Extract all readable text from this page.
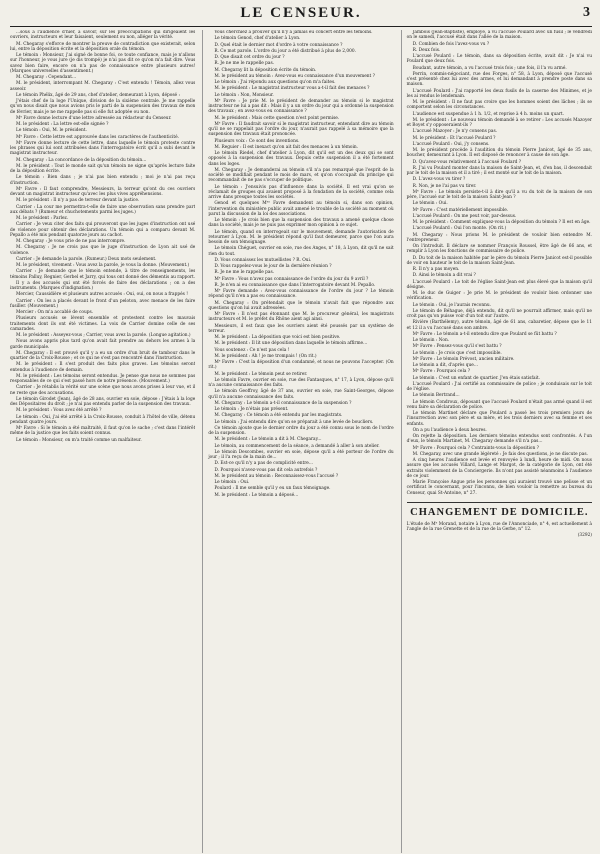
LE CENSEUR.	3

...sous à l'audience d'hier, à savoir, sur les préoccupations qui dirigeaient les ouvriers, instructeurs et leur faisaient, seulement ou non, alléger la vérité.

M. Chegaray s'efforce de montrer la preuve de contradiction que existerait, selon lui, entre la déposition écrite et la déposition orale du témoin.

Le témoin : Monsieur, j'ai signé de bonne foi, ce toute confiance, mais je n'allons sur l'honneur, je vous jure (je dis trompé) je n'ai pas dit ce qu'on m'a fait dire. Vous savez bien faire, encore on n'a pas de connaissance entre plusieurs autres! (Marques universelles d'assentiment.)

M. Chegaray : Cependant...

M. le président, interrompant M. Chegaray : C'est entendu ! Témoin, allez vous asseoir.

Le témoin Phélix, âgé de 29 ans, chef d'atelier, demeurant à Lyon, déposé :

J'étais chef de la loge l'Unique, division de la sixième centrale. Je me rappelle qu'on nous disait que nous avions pris le parti de la suspension des travaux de mon de février, mais je ne me rappelle pas si elle fut adoptée ou non.

Mᵉ Favre donne lecture d'une lettre adressée au rédacteur du Censeur.

M. le président : La lettre est-elle signée ?

Le témoin : Oui, M. le président.

Mᵉ Favre : Cette lettre est approuvée dans les caractères de l'authenticité.

Mᵉ Favre donne lecture de cette lettre, dans laquelle le témoin proteste contre les phrases qui lui sont attribuées dans l'interrogatoire écrit qu'il a subi devant le magistrat instructeur.

M. Chegaray : La concordance de la déposition du témoin...

M. le président : Tout le monde sait qu'un témoin ne signe qu'après lecture faite de la déposition écrite.

Le témoin : Bien dans ; je n'ai pas bien entendu ; moi je n'ai pas reçu d'instruction.

Mᵉ Favre : Il faut comprendre, Messieurs, la terreur qu'ont du ces ouvriers devant un magistrat instructeur qu'avec les plus vives appréhensions.

M. le président : Il n'y a pas de terreur devant la justice.

Carrier : La cour me permettra-t-elle de faire une observation sans prendre part aux débats ? (Rumeur et chuchotements parmi les juges.)

M. le président : Parlez.

Carrier : Je veux citer des faits qui prouveront que les juges d'instruction ont usé de violence pour obtenir des déclarations. Un témoin qui a comparu devant M. Pepallo a été mis pendant quatorze jours au cachot.

M. Chegaray : Je vous prie de ne pas interrompre.

M. Chegaray : Je ne crois pas que le juge d'instruction de Lyon ait usé de violence.

Carrier : Je demande la parole. (Rumeur.) Deux mots seulement.

M. le président, vivement : Vous avez la parole, je vous la donne. (Mouvement.)

Carrier : Je demande que le témoin entende, à titre de renseignements, les témoins Palluy, Regnier, Gerbel et Jarry, qui tous ont donné des démentis au rapport.

Il y a des accusés qui ont été forcés de faire des déclarations ; on a des instruments. (Marques d'indignation.)

Mercier, Caussidière et plusieurs autres accusés : Oui, oui, on nous a frappés !

Carrier : On les a placés devant le front d'un peloton, avec menace de les faire fusiller. (Mouvement.)

Mercier : On m'a accablé de coups.

Plusieurs accusés se lèvent ensemble et protestent contre les mauvais traitements dont ils ont été victimes. La voix de Carrier domine celle de ses camarades.

M. le président : Asseyez-vous ; Carrier, vous avez la parole. (Longue agitation.)

Nous avons appris plus tard qu'on avait fait prendre au dehors les armes à la garde municipale.

M. Chegaray : Il est prouvé qu'il y a eu un ordre d'un bruit de tambour dans le quartier de la Croix-Rousse ; et ce qui ne s'est pas rencontré dans l'instruction.

M. le président : Il s'est produit des faits plus graves. Les témoins seront entendus à l'audience de demain.

M. le président : Les témoins seront entendus. Je pense que nous ne sommes pas responsables de ce qui s'est passé hors de notre présence. (Mouvement.)

Carrier : Je rétablis la vérité sur une scène que nous avons prises à leur vue, et il ne reste que des accusations.

Le témoin Girodet (Jean), âgé de 28 ans, ouvrier en soie, dépose : J'étais à la loge des Dépositaires du droit ; je n'ai pas entendu parler de la suspension des travaux.

M. le président : Vous avez été arrêté ?

Le témoin : Oui, j'ai été arrêté à la Croix-Rousse, conduit à l'hôtel de ville, détenu pendant quatre jours.

Mᵉ Favre : Si le témoin a été maltraité, il faut qu'on le sache ; c'est dans l'intérêt même de la justice que les faits soient connus.

Le témoin : Monsieur, on m'a traité comme un malfaiteur.

Vous cherchiez à prouver qu'il n'y a jamais eu concert entre les témoins.

Le témoin Genod, chef d'atelier à Lyon.

D. Quel était le dernier mot d'ordre à votre connaissance ?

R. Ce mot parole. L'ordre du jour a été distribué à plus de 2,000.

D. Que disait cet ordre du jour ?

R. Je ne me le rappelle pas.

M. Chegaray lit la déposition écrite du témoin.

M. le président au témoin : Avez-vous eu connaissance d'un mouvement ?

Le témoin : J'ai répondu aux questions qu'on m'a faites.

M. le président : Le magistrat instructeur vous a-t-il fait des menaces ?

Le témoin : Non, Monsieur.

Mᵉ Favre : Je prie M. le président de demander au témoin si le magistrat instructeur ne lui a pas dit : Mais il y a un ordre du jour qui a ordonné la suspension des travaux ; en avez-vous eu connaissance ?

M. le président : Mais cette question n'est point permise.

Mᵉ Favre : Il faudrait savoir si le magistrat instructeur, entendant dire au témoin qu'il ne se rappelait pas l'ordre du jour, n'aurait pas rappelé à sa mémoire que la suspension des travaux était prononcée.

Plusieurs voix : Ce sont des inventions.

M. Reguier : Il est inexact qu'on ait fait des menaces à un témoin.

Le témoin Riedel, chef d'atelier à Lyon, dit qu'il est un des deux qui se sont opposés à la suspension des travaux. Depuis cette suspension il a été fortement dans les loges.

M. Chegaray : Je demanderai au témoin s'il n'a pas remarqué que l'esprit de la société se modifiait pendant le mois de mars, et qu'on s'occupait du principe qui recommandait de ne pas s'occuper de politique.

Le témoin : J'ensuivis pas d'influence dans la société. Il est vrai qu'on se réclamait de groupes qui avaient proposé à la fondation de la société, comme cela arrive dans presque toutes les sociétés.

Genod et quelques Mᵉˢ Favre demandent au témoin si, dans son opinion, l'intervention du ministère public avait amené le trouble de la société au moment où parut la discussion de la loi des associations.

Le témoin : Je crois bien que la suspension des travaux a amené quelque chose dans la société, mais je ne puis pas exprimer mon opinion à ce sujet.

Le témoin, quand on interrogeait sur le mouvement, demande l'autorisation de retourner à Lyon. M. le président répond qu'il faut demeurer, parce que l'on aura besoin de son témoignage.

Le témoin Chéguet, ouvrier en soie, rue des Anges, n° 18, à Lyon, dit qu'il ne sait rien du tout.

D. Vous connaissez les mutuellistes ? R. Oui.

D. Vous rappelez-vous le jour de la dernière réunion ?

R. Je ne me le rappelle pas.

Mᵉ Favre : Vous n'avez pas connaissance de l'ordre du jour du 9 avril ?

R. Je n'en ai eu connaissance que dans l'interrogatoire devant M. Pepallo.

Mᵉ Favre demande : Avez-vous connaissance de l'ordre du jour ? Le témoin répond qu'il n'en a pas eu connaissance.

M. Chegaray : On prétendait que le témoin n'avait fait que répondre aux questions qu'on lui avait adressées.

Mᵉ Favre : Il n'est pas étonnant que M. le procureur général, les magistrats instructeurs et M. le préfet du Rhône aient agi ainsi.

Messieurs, il est faux que les ouvriers aient été poussés par un système de terreur.

M. le président : La déposition que voici est bien positive.

M. le président : Il lit une déposition dans laquelle le témoin affirme...

Vous soutenez : Ce n'est pas cela !

M. le président : Ah ! je me trompais ! (On rit.)

Mᵉ Favre : C'est la déposition d'un condamné, et nous ne pouvons l'accepter. (On rit.)

M. le président : Le témoin peut se retirer.

Le témoin Favre, ouvrier en soie, rue des Fantasques, n° 17, à Lyon, dépose qu'il n'a aucune connaissance des faits.

Le témoin Geoffroy, âgé de 37 ans, ouvrier en soie, rue Saint-Georges, dépose qu'il n'a aucune connaissance des faits.

M. Chegaray : Le témoin a-t-il connaissance de la suspension ?

Le témoin : Je n'étais pas présent.

M. Chegaray : Ce témoin a été entendu par les magistrats.

Le témoin : J'ai entendu dire qu'on se préparait à une levée de boucliers.

Ce témoin ajoute que le dernier ordre du jour a été connu sous le nom de l'ordre de la suspension.

M. le président : Le témoin a dit à M. Chegaray...

Le témoin, au commencement de la séance, a demandé à aller à son atelier.

Le témoin Descombes, ouvrier en soie, dépose qu'il a été porteur de l'ordre du jour ; il l'a reçu de la main de...

D. Est-ce qu'il n'y a pas de complicité entre...

D. Pourquoi n'avez-vous pas dit cela autrefois ?

M. le président au témoin : Reconnaissez-vous l'accusé ?

Le témoin : Oui.

Poulard : Il me semble qu'il y eu un faux témoignage.

M. le président : Le témoin a déposé...

Jambois (Jean-Baptiste), employé, a vu l'accusé Poulard avec un fusil ; le vendredi on le samedi, l'accusé était dans l'allée de la maison.

D. Combien de fois l'avez-vous vu ?

R. Deux fois.

L'accusé Poulard : Le témoin, dans sa déposition écrite, avait dit : Je n'ai vu Poulard que deux fois.

Boudant, autre témoin, a vu l'accusé trois fois ; une fois, il l'a vu armé.

Perrin, commis-négociant, rue des Forges, n° 58, à Lyon, déposé que l'accusé s'est présenté chez lui avec des armes, et lui demandant à prendre poste dans sa maison.

L'accusé Poulard : J'ai rapporté les deux fusils de la caserne des Minimes, et je les ai rendus le lendemain.

M. le président : Il ne faut pas croire que les hommes soient des lâches ; ils se comportent selon les circonstances.

L'audience est suspendue à 1 h. 1/2, et reprise à 4 h. moins un quart.

M. le président : Le nouveau témoin demandé à se retirer : Les accusés Mazoyer et Boyet s'y opposeraient-ils ?

L'accusé Mazoyer : Je n'y consens pas.

M. le président : Et l'accusé Poulard ?

L'accusé Poulard : Oui, j'y consens.

M. le président procède à l'audition du témoin Pierre Janicot, âgé de 35 ans, boucher, demeurant à Lyon. Il est disposé de renoncer à cause de son âge.

D. Qu'avez-vous relativement à l'accusé Poulard ?

R. J'ai vu Poulard monter dans la maison de Saint-Jean, et, d'en bas, il descendait par le toit de la maison et il a tiré ; il est monté sur le toit de la maison.

D. L'avez-vous vu tirer ?

R. Non, je ne l'ai pas vu tirer.

Mᵉ Favre : Le témoin persiste-t-il à dire qu'il a vu du toit de la maison de son père, l'accusé sur le toit de la maison Saint-Jean ?

Le témoin : Oui.

Mᵉ Favre : C'est matériellement impossible.

L'accusé Poulard : On me peut voir, par-dessus.

M. le président : Comment expliquez-vous la déposition du témoin ? Il est en âge.

L'accusé Poulard : Oui l'on monte. (On rit.)

M. Chegaray : Nous prions M. le président de vouloir bien entendre M. l'entrepreneur.

On l'introduit. Il déclare se nommer François Roussel, être âgé de 66 ans, et remplir à Lyon les fonctions de commissaire de police.

D. Du toit de la maison habitée par le père du témoin Pierre Janicot est-il possible de voir en hauteur le toit de la maison Saint-Jean.

R. Il n'y a pas moyen.

D. Ainsi le témoin a dit vrai ?

L'accusé Poulard : Le toit de l'église Saint-Jean est plus élevé que la maison qu'il désigne.

M. le duc de Guiger : Je prie M. le président de vouloir bien ordonner une vérification.

Le témoin : Oui, je l'aurais reconnu.

Le témoin de Béhague, déjà entendu, dit qu'il ne pourrait affirmer, mais qu'il ne croit pas qu'on puisse voir d'un toit sur l'autre.

Rivière (Barthélemy), autre témoin, âgé de 61 ans, cabaretier, dépose que le 11 et 12 il a vu l'accusé dans son ambre.

Mᵉ Favre : Le témoin a-t-il entendu dire que Poulard se fût battu ?

Le témoin : Non.

Mᵉ Favre : Pensez-vous qu'il s'est battu ?

Le témoin : Je crois que c'est impossible.

Mᵉ Favre : Le témoin Prévost, ancien militaire.

Le témoin a dit, d'après que...

Mᵉ Favre : Pourquoi cela ?

Le témoin : C'est un enfant de quartier. J'en étais satisfait.

L'accusé Poulard : J'ai certifié au commissaire de police ; je conduisais sur le toit de l'église.

Le témoin Bertrand...

Le témoin Condroux, déposant que l'accusé Poulard n'était pas armé quand il est venu faire sa déclaration de police.

Le témoin Martinet déclare que Poulard a passé les trois premiers jours de l'insurrection avec son père et sa mère, et les trois derniers avec sa femme et ses enfants.

On a pu l'audience à deux heures.

On rejette la déposition. Les derniers témoins entendus sont confrontés. A l'un d'eux, le témoin Martinet, M. Chegaray demande s'il n'a pas...

Mᵉ Favre : Pourquoi cela ? Contraints-vous la déposition ?

M. Chegaray, avec une grande légèreté : Je fais des questions, je ne discute pas.

A cinq heures l'audience est levée et renvoyée à lundi, heure de midi. On nous assure que les accusés Villard, Lange et Margot, de la catégorie de Lyon, ont été extraits violemment de la Conciergerie. Ils n'ont pas assisté néanmoins à l'audience de ce jour.

Marie Françoise Angue prie les personnes qui auraient trouvé une pelisse et un certificat le concernant, pour l'inconnu, de bien vouloir la remettre au bureau du Censeur, quai St-Antoine, n° 27.

CHANGEMENT DE DOMICILE.

L'étude de Mᵉ Morand, notaire à Lyon, rue de l'Annonciade, n° 4, est actuellement à l'angle de la rue Grenette et de la rue de la Gerbe, n° 12.

(3292)
